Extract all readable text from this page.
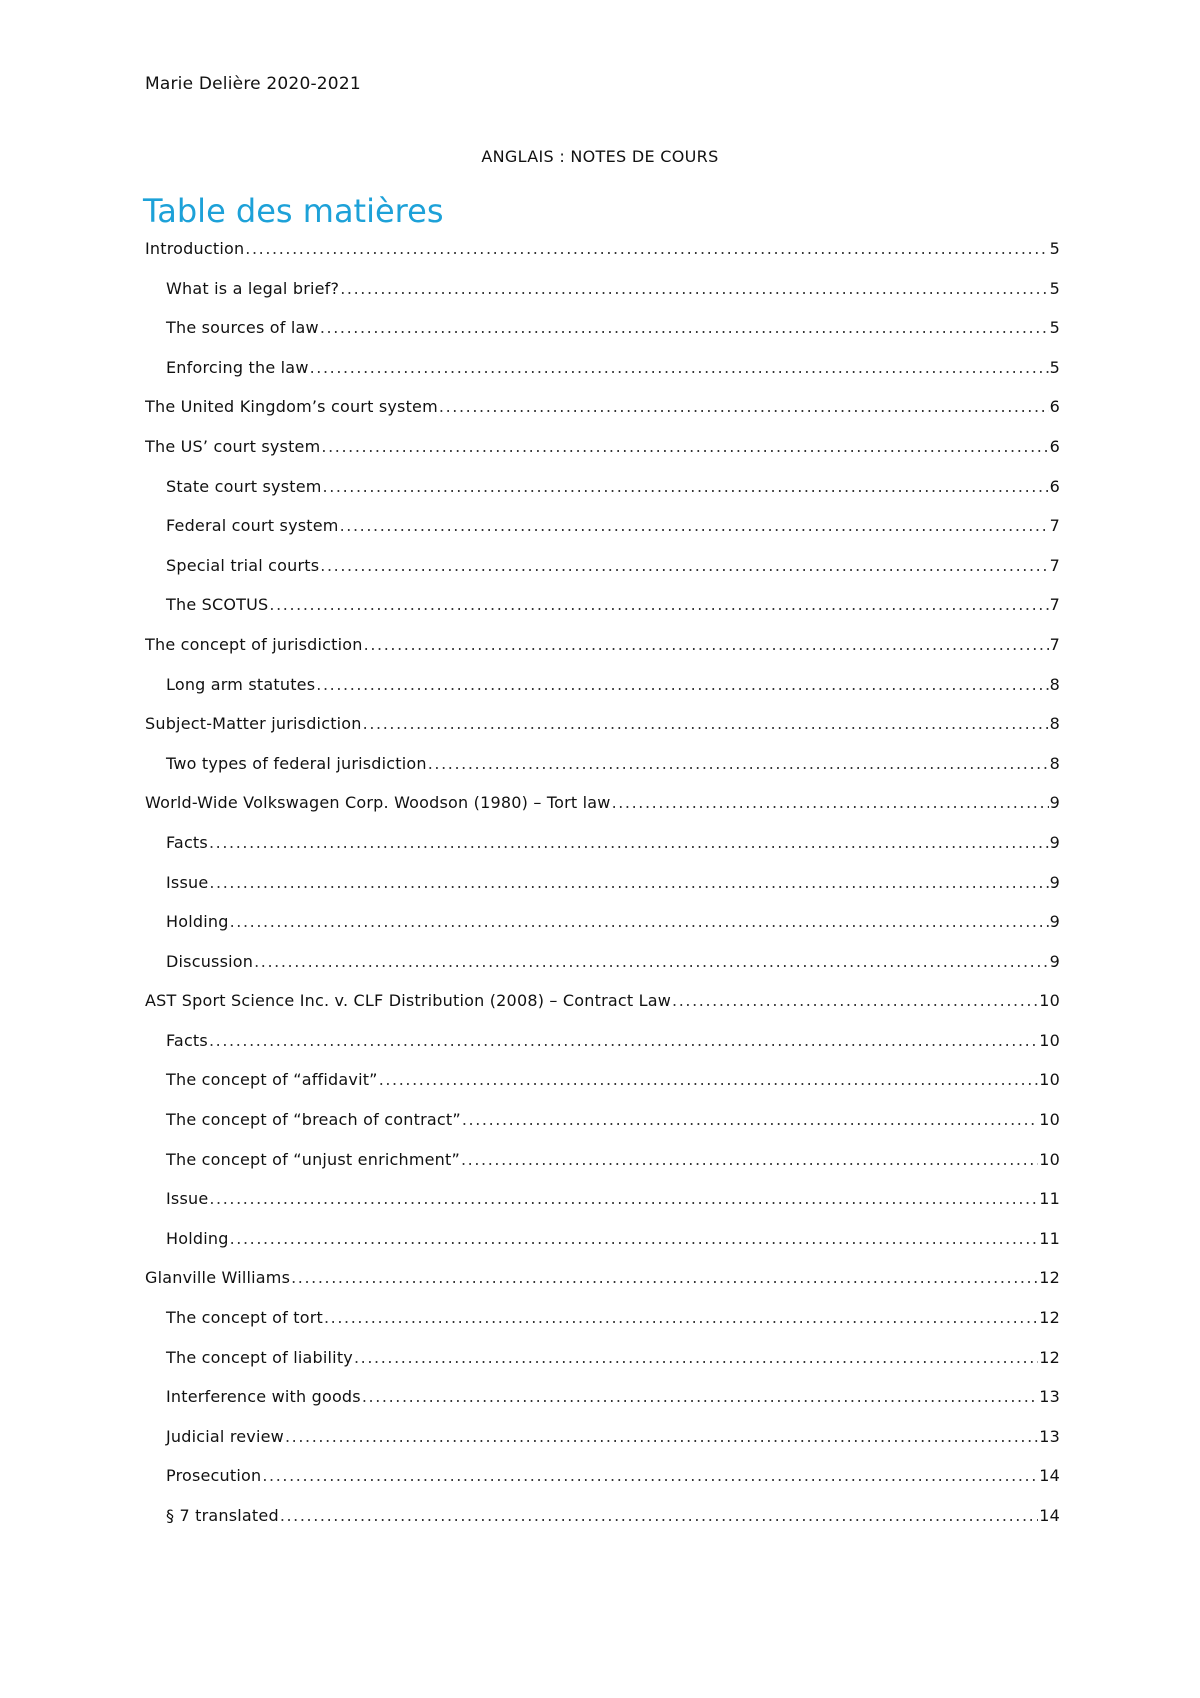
Marie Delière 2020-2021
ANGLAIS : NOTES DE COURS
Table des matières
Introduction .....	5
What is a legal brief? .....	5
The sources of law .....	5
Enforcing the law .....	5
The United Kingdom’s court system .....	6
The US’ court system .....	6
State court system .....	6
Federal court system .....	7
Special trial courts .....	7
The SCOTUS .....	7
The concept of jurisdiction .....	7
Long arm statutes .....	8
Subject-Matter jurisdiction .....	8
Two types of federal jurisdiction .....	8
World-Wide Volkswagen Corp. Woodson (1980) – Tort law .....	9
Facts .....	9
Issue .....	9
Holding .....	9
Discussion .....	9
AST Sport Science Inc. v. CLF Distribution (2008) – Contract Law .....	10
Facts .....	10
The concept of “affidavit” .....	10
The concept of “breach of contract” .....	10
The concept of “unjust enrichment” .....	10
Issue .....	11
Holding .....	11
Glanville Williams .....	12
The concept of tort .....	12
The concept of liability .....	12
Interference with goods .....	13
Judicial review .....	13
Prosecution .....	14
§ 7 translated .....	14
